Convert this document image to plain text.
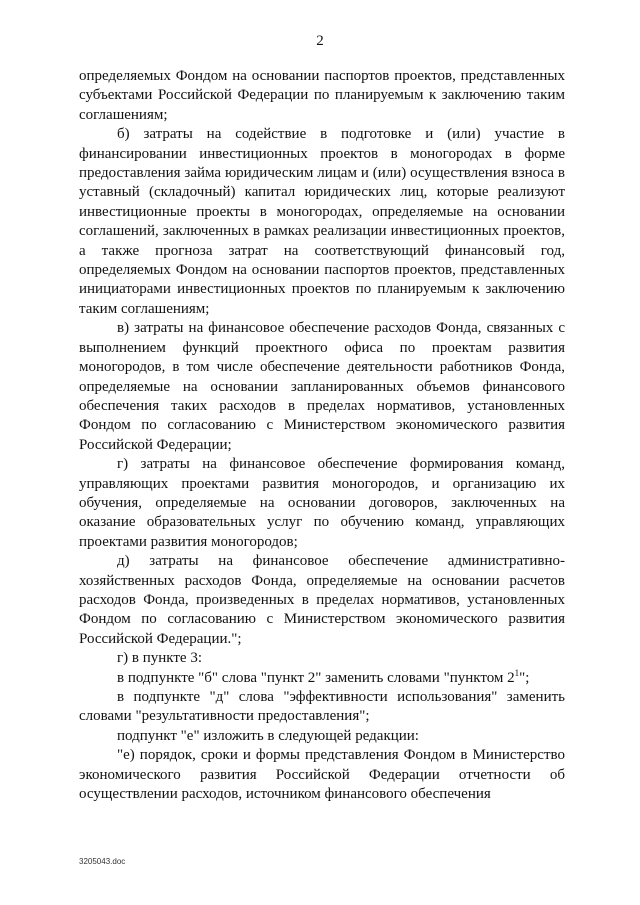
2

определяемых Фондом на основании паспортов проектов, представленных субъектами Российской Федерации по планируемым к заключению таким соглашениям;

б) затраты на содействие в подготовке и (или) участие в финансировании инвестиционных проектов в моногородах в форме предоставления займа юридическим лицам и (или) осуществления взноса в уставный (складочный) капитал юридических лиц, которые реализуют инвестиционные проекты в моногородах, определяемые на основании соглашений, заключенных в рамках реализации инвестиционных проектов, а также прогноза затрат на соответствующий финансовый год, определяемых Фондом на основании паспортов проектов, представленных инициаторами инвестиционных проектов по планируемым к заключению таким соглашениям;

в) затраты на финансовое обеспечение расходов Фонда, связанных с выполнением функций проектного офиса по проектам развития моногородов, в том числе обеспечение деятельности работников Фонда, определяемые на основании запланированных объемов финансового обеспечения таких расходов в пределах нормативов, установленных Фондом по согласованию с Министерством экономического развития Российской Федерации;

г) затраты на финансовое обеспечение формирования команд, управляющих проектами развития моногородов, и организацию их обучения, определяемые на основании договоров, заключенных на оказание образовательных услуг по обучению команд, управляющих проектами развития моногородов;

д) затраты на финансовое обеспечение административно-хозяйственных расходов Фонда, определяемые на основании расчетов расходов Фонда, произведенных в пределах нормативов, установленных Фондом по согласованию с Министерством экономического развития Российской Федерации.";

г) в пункте 3:

в подпункте "б" слова "пункт 2" заменить словами "пунктом $2^1$";

в подпункте "д" слова "эффективности использования" заменить словами "результативности предоставления";

подпункт "е" изложить в следующей редакции:

"е) порядок, сроки и формы представления Фондом в Министерство экономического развития Российской Федерации отчетности об осуществлении расходов, источником финансового обеспечения

3205043.doc
